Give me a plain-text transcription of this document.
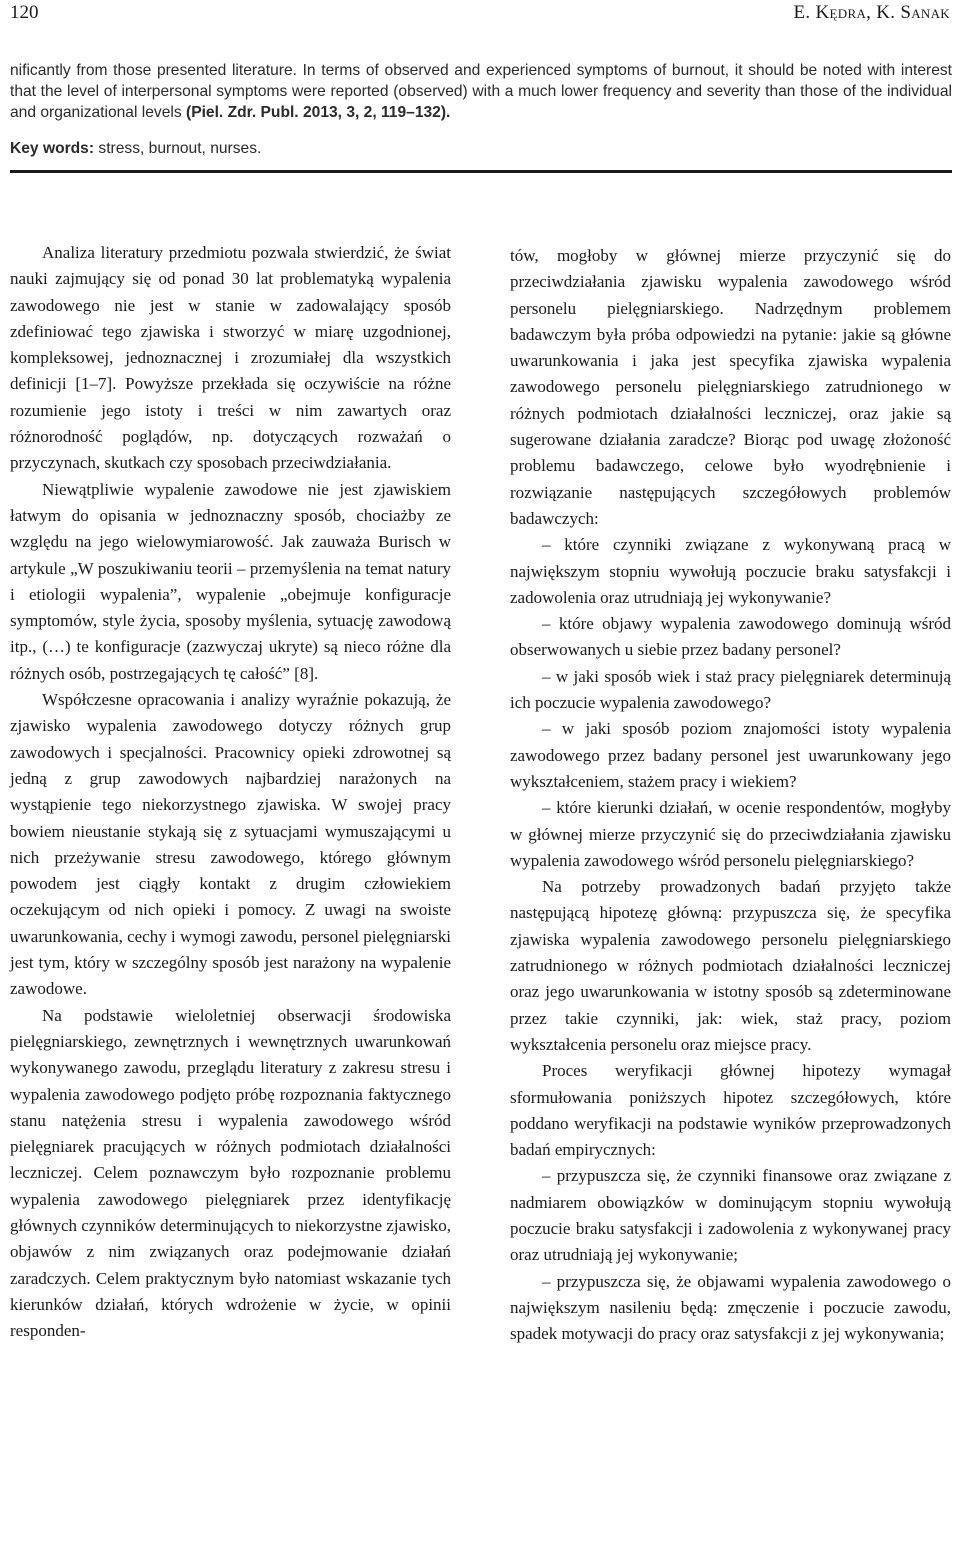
120	E. Kędra, K. Sanak

nificantly from those presented literature. In terms of observed and experienced symptoms of burnout, it should be noted with interest that the level of interpersonal symptoms were reported (observed) with a much lower frequency and severity than those of the individual and organizational levels (Piel. Zdr. Publ. 2013, 3, 2, 119–132).

Key words: stress, burnout, nurses.

Analiza literatury przedmiotu pozwala stwierdzić, że świat nauki zajmujący się od ponad 30 lat problematyką wypalenia zawodowego nie jest w stanie w zadowalający sposób zdefiniować tego zjawiska i stworzyć w miarę uzgodnionej, kompleksowej, jednoznacznej i zrozumiałej dla wszystkich definicji [1–7]. Powyższe przekłada się oczywiście na różne rozumienie jego istoty i treści w nim zawartych oraz różnorodność poglądów, np. dotyczących rozważań o przyczynach, skutkach czy sposobach przeciwdziałania.

Niewątpliwie wypalenie zawodowe nie jest zjawiskiem łatwym do opisania w jednoznaczny sposób, chociażby ze względu na jego wielowymiarowość. Jak zauważa Burisch w artykule „W poszukiwaniu teorii – przemyślenia na temat natury i etiologii wypalenia”, wypalenie „obejmuje konfiguracje symptomów, style życia, sposoby myślenia, sytuację zawodową itp., (…) te konfiguracje (zazwyczaj ukryte) są nieco różne dla różnych osób, postrzegających tę całość” [8].

Współczesne opracowania i analizy wyraźnie pokazują, że zjawisko wypalenia zawodowego dotyczy różnych grup zawodowych i specjalności. Pracownicy opieki zdrowotnej są jedną z grup zawodowych najbardziej narażonych na wystąpienie tego niekorzystnego zjawiska. W swojej pracy bowiem nieustanie stykają się z sytuacjami wymuszającymi u nich przeżywanie stresu zawodowego, którego głównym powodem jest ciągły kontakt z drugim człowiekiem oczekującym od nich opieki i pomocy. Z uwagi na swoiste uwarunkowania, cechy i wymogi zawodu, personel pielęgniarski jest tym, który w szczególny sposób jest narażony na wypalenie zawodowe.

Na podstawie wieloletniej obserwacji środowiska pielęgniarskiego, zewnętrznych i wewnętrznych uwarunkowań wykonywanego zawodu, przeglądu literatury z zakresu stresu i wypalenia zawodowego podjęto próbę rozpoznania faktycznego stanu natężenia stresu i wypalenia zawodowego wśród pielęgniarek pracujących w różnych podmiotach działalności leczniczej. Celem poznawczym było rozpoznanie problemu wypalenia zawodowego pielęgniarek przez identyfikację głównych czynników determinujących to niekorzystne zjawisko, objawów z nim związanych oraz podejmowanie działań zaradczych. Celem praktycznym było natomiast wskazanie tych kierunków działań, których wdrożenie w życie, w opinii responden-

tów, mogłoby w głównej mierze przyczynić się do przeciwdziałania zjawisku wypalenia zawodowego wśród personelu pielęgniarskiego. Nadrzędnym problemem badawczym była próba odpowiedzi na pytanie: jakie są główne uwarunkowania i jaka jest specyfika zjawiska wypalenia zawodowego personelu pielęgniarskiego zatrudnionego w różnych podmiotach działalności leczniczej, oraz jakie są sugerowane działania zaradcze? Biorąc pod uwagę złożoność problemu badawczego, celowe było wyodrębnienie i rozwiązanie następujących szczegółowych problemów badawczych:

– które czynniki związane z wykonywaną pracą w największym stopniu wywołują poczucie braku satysfakcji i zadowolenia oraz utrudniają jej wykonywanie?

– które objawy wypalenia zawodowego dominują wśród obserwowanych u siebie przez badany personel?

– w jaki sposób wiek i staż pracy pielęgniarek determinują ich poczucie wypalenia zawodowego?

– w jaki sposób poziom znajomości istoty wypalenia zawodowego przez badany personel jest uwarunkowany jego wykształceniem, stażem pracy i wiekiem?

– które kierunki działań, w ocenie respondentów, mogłyby w głównej mierze przyczynić się do przeciwdziałania zjawisku wypalenia zawodowego wśród personelu pielęgniarskiego?

Na potrzeby prowadzonych badań przyjęto także następującą hipotezę główną: przypuszcza się, że specyfika zjawiska wypalenia zawodowego personelu pielęgniarskiego zatrudnionego w różnych podmiotach działalności leczniczej oraz jego uwarunkowania w istotny sposób są zdeterminowane przez takie czynniki, jak: wiek, staż pracy, poziom wykształcenia personelu oraz miejsce pracy.

Proces weryfikacji głównej hipotezy wymagał sformułowania poniższych hipotez szczegółowych, które poddano weryfikacji na podstawie wyników przeprowadzonych badań empirycznych:

– przypuszcza się, że czynniki finansowe oraz związane z nadmiarem obowiązków w dominującym stopniu wywołują poczucie braku satysfakcji i zadowolenia z wykonywanej pracy oraz utrudniają jej wykonywanie;

– przypuszcza się, że objawami wypalenia zawodowego o największym nasileniu będą: zmęczenie i poczucie zawodu, spadek motywacji do pracy oraz satysfakcji z jej wykonywania;
